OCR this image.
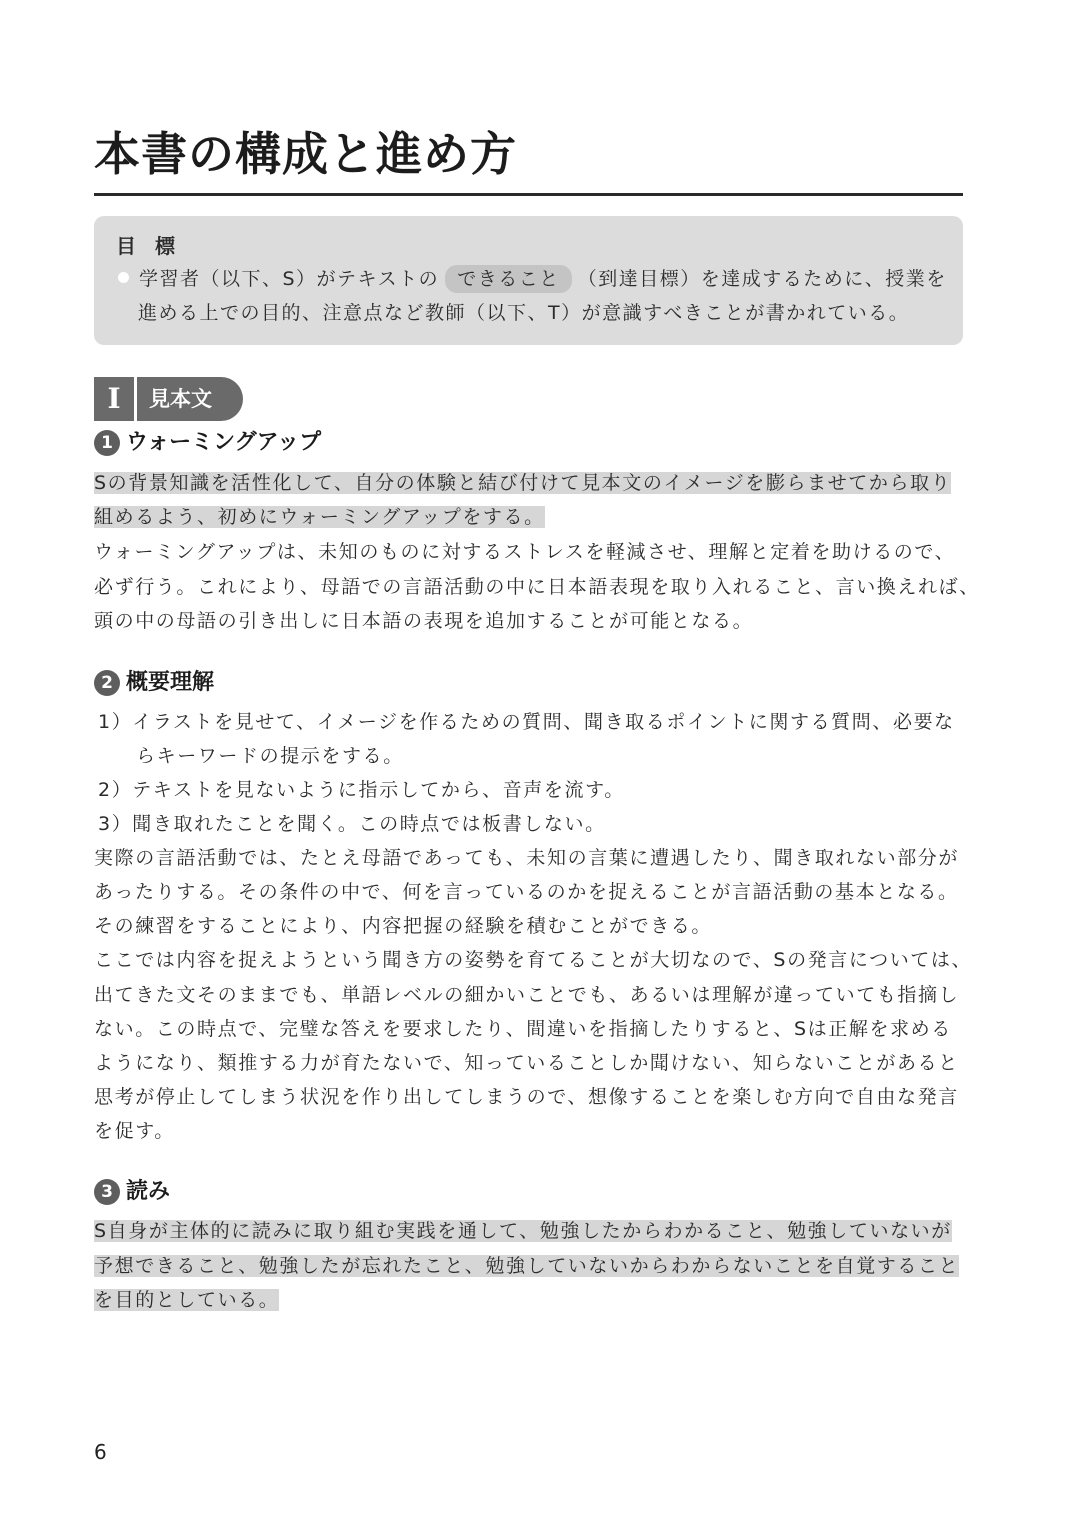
本書の構成と進め方
目 標
学習者（以下、S）がテキストの できること （到達目標）を達成するために、授業を
進める上での目的、注意点など教師（以下、T）が意識すべきことが書かれている。
I	見本文
1 ウォーミングアップ
Sの背景知識を活性化して、自分の体験と結び付けて見本文のイメージを膨らませてから取り
組めるよう、初めにウォーミングアップをする。
ウォーミングアップは、未知のものに対するストレスを軽減させ、理解と定着を助けるので、
必ず行う。これにより、母語での言語活動の中に日本語表現を取り入れること、言い換えれば、
頭の中の母語の引き出しに日本語の表現を追加することが可能となる。
2 概要理解
1）イラストを見せて、イメージを作るための質問、聞き取るポイントに関する質問、必要な
らキーワードの提示をする。
2）テキストを見ないように指示してから、音声を流す。
3）聞き取れたことを聞く。この時点では板書しない。
実際の言語活動では、たとえ母語であっても、未知の言葉に遭遇したり、聞き取れない部分が
あったりする。その条件の中で、何を言っているのかを捉えることが言語活動の基本となる。
その練習をすることにより、内容把握の経験を積むことができる。
ここでは内容を捉えようという聞き方の姿勢を育てることが大切なので、Sの発言については、
出てきた文そのままでも、単語レベルの細かいことでも、あるいは理解が違っていても指摘し
ない。この時点で、完璧な答えを要求したり、間違いを指摘したりすると、Sは正解を求める
ようになり、類推する力が育たないで、知っていることしか聞けない、知らないことがあると
思考が停止してしまう状況を作り出してしまうので、想像することを楽しむ方向で自由な発言
を促す。
3 読み
S自身が主体的に読みに取り組む実践を通して、勉強したからわかること、勉強していないが
予想できること、勉強したが忘れたこと、勉強していないからわからないことを自覚すること
を目的としている。
6
